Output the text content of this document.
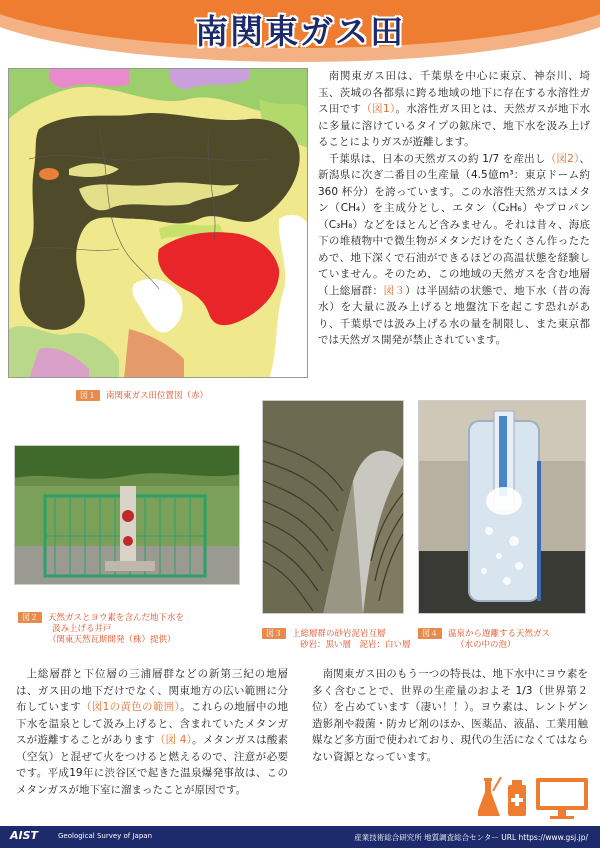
南関東ガス田
図１ 南関東ガス田位置図（赤）

南関東ガス田は、千葉県を中心に東京、神奈川、埼玉、茨城の各都県に跨る地域の地下に存在する水溶性ガス田です（図1）。水溶性ガス田とは、天然ガスが地下水に多量に溶けているタイプの鉱床で、地下水を汲み上げることによりガスが遊離します。

千葉県は、日本の天然ガスの約 1/7 を産出し（図2）、新潟県に次ぎ二番目の生産量（4.5億m³：東京ドーム約 360 杯分）を誇っています。この水溶性天然ガスはメタン（CH₄）を主成分とし、エタン（C₂H₆）やプロパン（C₃H₈）などをほとんど含みません。それは昔々、海底下の堆積物中で微生物がメタンだけをたくさん作ったためで、地下深くで石油ができるほどの高温状態を経験していません。そのため、この地域の天然ガスを含む地層（上総層群：図３）は半固結の状態で、地下水（昔の海水）を大量に汲み上げると地盤沈下を起こす恐れがあり、千葉県では汲み上げる水の量を制限し、また東京都では天然ガス開発が禁止されています。

図２ 天然ガスとヨウ素を含んだ地下水を
汲み上げる井戸
（関東天然瓦斯開発（株）提供）
図３ 上総層群の砂岩泥岩互層
砂岩：黒い層　泥岩：白い層
図４ 温泉から遊離する天然ガス
（水の中の泡）

上総層群と下位層の三浦層群などの新第三紀の地層は、ガス田の地下だけでなく、関東地方の広い範囲に分布しています（図1の黄色の範囲）。これらの地層中の地下水を温泉として汲み上げると、含まれていたメタンガスが遊離することがあります（図 4）。メタンガスは酸素（空気）と混ぜて火をつけると燃えるので、注意が必要です。平成19年に渋谷区で起きた温泉爆発事故は、このメタンガスが地下室に溜まったことが原因です。

南関東ガス田のもう一つの特長は、地下水中にヨウ素を多く含むことで、世界の生産量のおよそ 1/3（世界第２位）を占めています（凄い！！）。ヨウ素は、レントゲン造影剤や殺菌・防カビ剤のほか、医薬品、液晶、工業用触媒など多方面で使われており、現代の生活になくてはならない資源となっています。

AIST	Geological Survey of Japan	産業技術総合研究所 地質調査総合センター URL https://www.gsj.jp/
